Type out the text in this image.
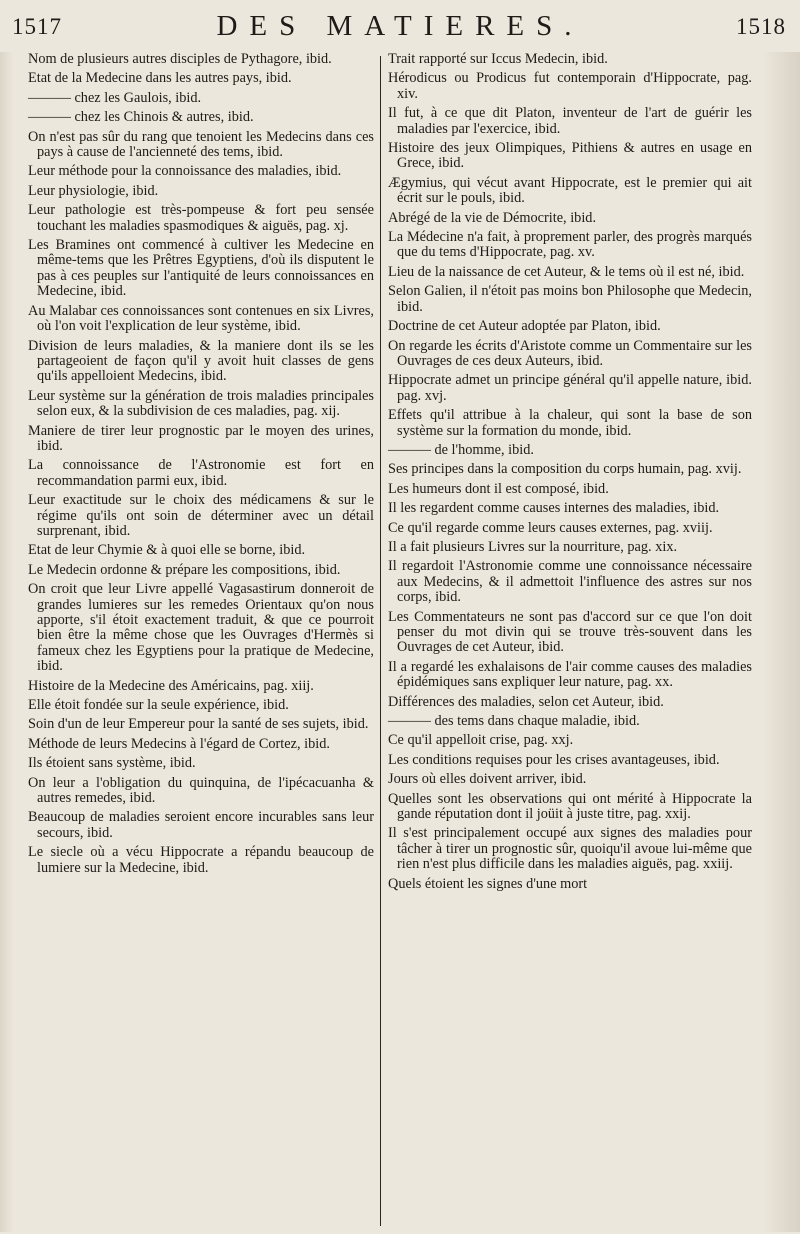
1517	DES MATIERES.	1518

Nom de plusieurs autres disciples de Pythagore, ibid.

Etat de la Medecine dans les autres pays, ibid.

——— chez les Gaulois, ibid.

——— chez les Chinois & autres, ibid.

On n'est pas sûr du rang que tenoient les Medecins dans ces pays à cause de l'ancienneté des tems, ibid.

Leur méthode pour la connoissance des maladies, ibid.

Leur physiologie, ibid.

Leur pathologie est très-pompeuse & fort peu sensée touchant les maladies spasmodiques & aiguës, pag. xj.

Les Bramines ont commencé à cultiver les Medecine en même-tems que les Prêtres Egyptiens, d'où ils disputent le pas à ces peuples sur l'antiquité de leurs connoissances en Medecine, ibid.

Au Malabar ces connoissances sont contenues en six Livres, où l'on voit l'explication de leur système, ibid.

Division de leurs maladies, & la maniere dont ils se les partageoient de façon qu'il y avoit huit classes de gens qu'ils appelloient Medecins, ibid.

Leur système sur la génération de trois maladies principales selon eux, & la subdivision de ces maladies, pag. xij.

Maniere de tirer leur prognostic par le moyen des urines, ibid.

La connoissance de l'Astronomie est fort en recommandation parmi eux, ibid.

Leur exactitude sur le choix des médicamens & sur le régime qu'ils ont soin de déterminer avec un détail surprenant, ibid.

Etat de leur Chymie & à quoi elle se borne, ibid.

Le Medecin ordonne & prépare les compositions, ibid.

On croit que leur Livre appellé Vagasastirum donneroit de grandes lumieres sur les remedes Orientaux qu'on nous apporte, s'il étoit exactement traduit, & que ce pourroit bien être la même chose que les Ouvrages d'Hermès si fameux chez les Egyptiens pour la pratique de Medecine, ibid.

Histoire de la Medecine des Américains, pag. xiij.

Elle étoit fondée sur la seule expérience, ibid.

Soin d'un de leur Empereur pour la santé de ses sujets, ibid.

Méthode de leurs Medecins à l'égard de Cortez, ibid.

Ils étoient sans système, ibid.

On leur a l'obligation du quinquina, de l'ipécacuanha & autres remedes, ibid.

Beaucoup de maladies seroient encore incurables sans leur secours, ibid.

Le siecle où a vécu Hippocrate a répandu beaucoup de lumiere sur la Medecine, ibid.

Trait rapporté sur Iccus Medecin, ibid.

Hérodicus ou Prodicus fut contemporain d'Hippocrate, pag. xiv.

Il fut, à ce que dit Platon, inventeur de l'art de guérir les maladies par l'exercice, ibid.

Histoire des jeux Olimpiques, Pithiens & autres en usage en Grece, ibid.

Ægymius, qui vécut avant Hippocrate, est le premier qui ait écrit sur le pouls, ibid.

Abrégé de la vie de Démocrite, ibid.

La Médecine n'a fait, à proprement parler, des progrès marqués que du tems d'Hippocrate, pag. xv.

Lieu de la naissance de cet Auteur, & le tems où il est né, ibid.

Selon Galien, il n'étoit pas moins bon Philosophe que Medecin, ibid.

Doctrine de cet Auteur adoptée par Platon, ibid.

On regarde les écrits d'Aristote comme un Commentaire sur les Ouvrages de ces deux Auteurs, ibid.

Hippocrate admet un principe général qu'il appelle nature, ibid. pag. xvj.

Effets qu'il attribue à la chaleur, qui sont la base de son système sur la formation du monde, ibid.

——— de l'homme, ibid.

Ses principes dans la composition du corps humain, pag. xvij.

Les humeurs dont il est composé, ibid.

Il les regardent comme causes internes des maladies, ibid.

Ce qu'il regarde comme leurs causes externes, pag. xviij.

Il a fait plusieurs Livres sur la nourriture, pag. xix.

Il regardoit l'Astronomie comme une connoissance nécessaire aux Medecins, & il admettoit l'influence des astres sur nos corps, ibid.

Les Commentateurs ne sont pas d'accord sur ce que l'on doit penser du mot divin qui se trouve très-souvent dans les Ouvrages de cet Auteur, ibid.

Il a regardé les exhalaisons de l'air comme causes des maladies épidémiques sans expliquer leur nature, pag. xx.

Différences des maladies, selon cet Auteur, ibid.

——— des tems dans chaque maladie, ibid.

Ce qu'il appelloit crise, pag. xxj.

Les conditions requises pour les crises avantageuses, ibid.

Jours où elles doivent arriver, ibid.

Quelles sont les observations qui ont mérité à Hippocrate la gande réputation dont il joüit à juste titre, pag. xxij.

Il s'est principalement occupé aux signes des maladies pour tâcher à tirer un prognostic sûr, quoiqu'il avoue lui-même que rien n'est plus difficile dans les maladies aiguës, pag. xxiij.

Quels étoient les signes d'une mort
